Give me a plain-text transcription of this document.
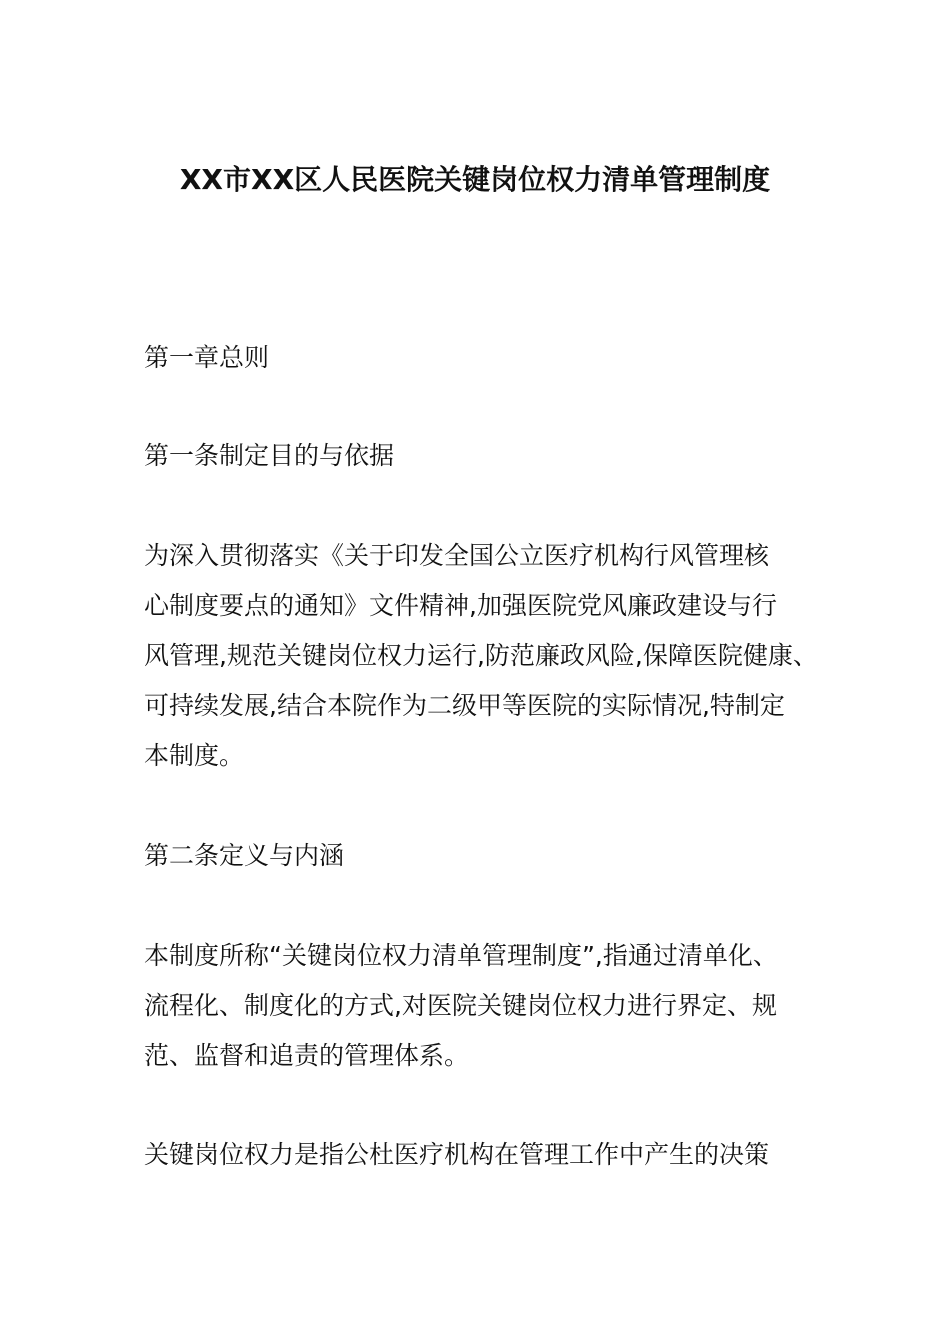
XX市XX区人民医院关键岗位权力清单管理制度

第一章总则

第一条制定目的与依据

为深入贯彻落实《关于印发全国公立医疗机构行风管理核
心制度要点的通知》文件精神,加强医院党风廉政建设与行
风管理,规范关键岗位权力运行,防范廉政风险,保障医院健康、
可持续发展,结合本院作为二级甲等医院的实际情况,特制定
本制度。

第二条定义与内涵

本制度所称“关键岗位权力清单管理制度”,指通过清单化、
流程化、制度化的方式,对医院关键岗位权力进行界定、规
范、监督和追责的管理体系。
关键岗位权力是指公杜医疗机构在管理工作中产生的决策
